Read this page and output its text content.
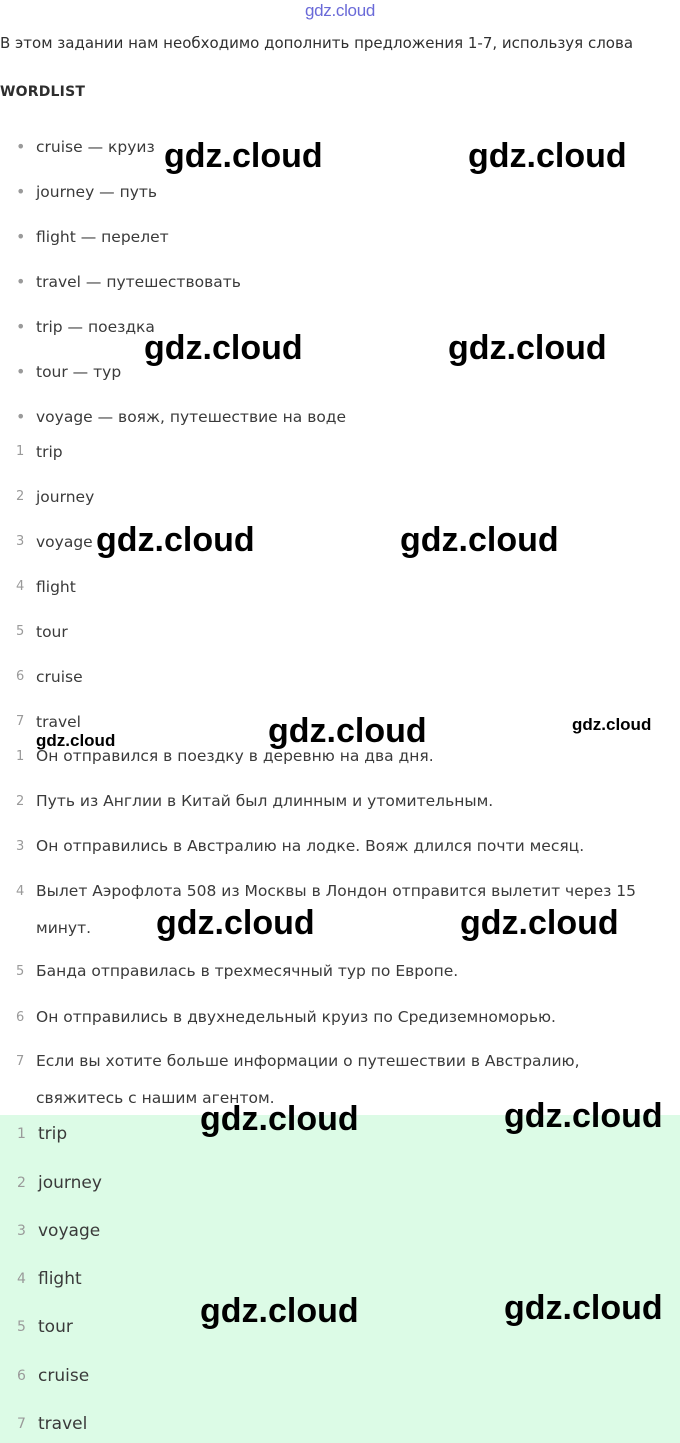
gdz.cloud
В этом задании нам необходимо дополнить предложения 1-7, используя слова
WORDLIST
• cruise — круиз
• journey — путь
• flight — перелет
• travel — путешествовать
• trip — поездка
• tour — тур
• voyage — вояж, путешествие на воде
1 trip
2 journey
3 voyage
4 flight
5 tour
6 cruise
7 travel
1 Он отправился в поездку в деревню на два дня.
2 Путь из Англии в Китай был длинным и утомительным.
3 Он отправились в Австралию на лодке. Вояж длился почти месяц.
4 Вылет Аэрофлота 508 из Москвы в Лондон отправится вылетит через 15 минут.
5 Банда отправилась в трехмесячный тур по Европе.
6 Он отправились в двухнедельный круиз по Средиземноморью.
7 Если вы хотите больше информации о путешествии в Австралию, свяжитесь с нашим агентом.
1 trip
2 journey
3 voyage
4 flight
5 tour
6 cruise
7 travel
gdz.cloud	gdz.cloud
gdz.cloud	gdz.cloud
gdz.cloud	gdz.cloud
gdz.cloud	gdz.cloud
gdz.cloud
gdz.cloud	gdz.cloud
gdz.cloud	gdz.cloud
gdz.cloud	gdz.cloud
